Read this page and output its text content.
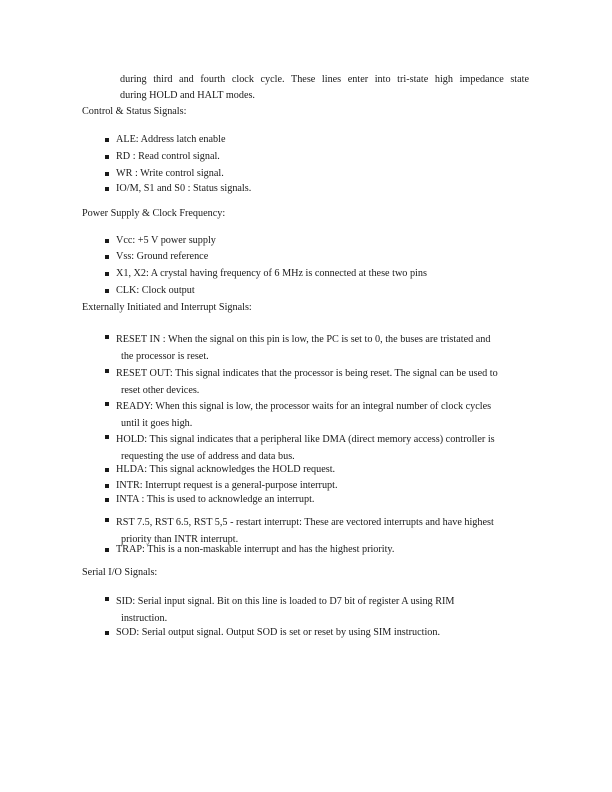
during third and fourth clock cycle. These lines enter into tri-state high impedance state
during HOLD and HALT modes.
Control & Status Signals:
ALE: Address latch enable
RD : Read control signal.
WR : Write control signal.
IO/M, S1 and S0 : Status signals.
Power Supply & Clock Frequency:
Vcc: +5 V power supply
Vss: Ground reference
X1, X2: A crystal having frequency of 6 MHz is connected at these two pins
CLK: Clock output
Externally Initiated and Interrupt Signals:
RESET IN : When the signal on this pin is low, the PC is set to 0, the buses are tristated and
the processor is reset.
RESET OUT: This signal indicates that the processor is being reset. The signal can be used to
reset other devices.
READY: When this signal is low, the processor waits for an integral number of clock cycles
until it goes high.
HOLD: This signal indicates that a peripheral like DMA (direct memory access) controller is
requesting the use of address and data bus.
HLDA: This signal acknowledges the HOLD request.
INTR: Interrupt request is a general-purpose interrupt.
INTA : This is used to acknowledge an interrupt.
RST 7.5, RST 6.5, RST 5,5 - restart interrupt: These are vectored interrupts and have highest
priority than INTR interrupt.
TRAP: This is a non-maskable interrupt and has the highest priority.
Serial I/O Signals:
SID: Serial input signal. Bit on this line is loaded to D7 bit of register A using RIM
instruction.
SOD: Serial output signal. Output SOD is set or reset by using SIM instruction.
